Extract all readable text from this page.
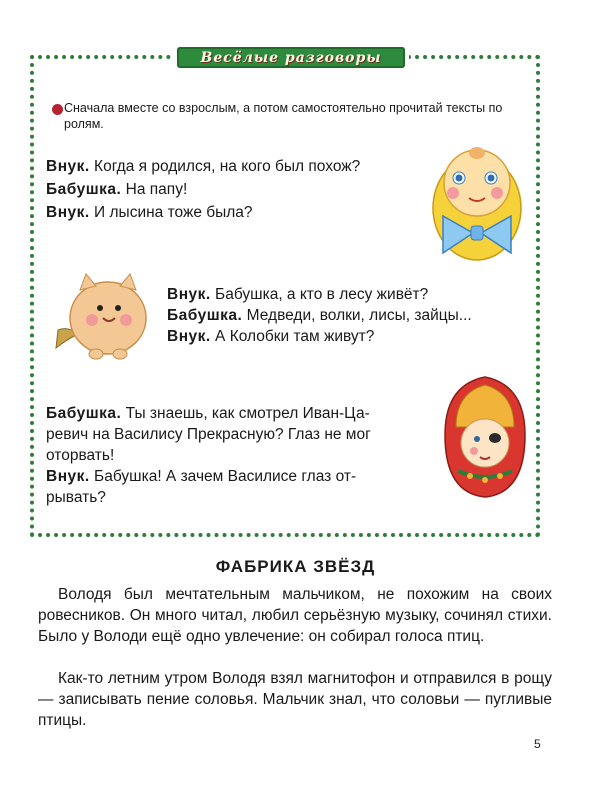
Весёлые разговоры
Сначала вместе со взрослым, а потом самостоятельно прочитай тексты по ролям.
Внук. Когда я родился, на кого был похож?
Бабушка. На папу!
Внук. И лысина тоже была?
Внук. Бабушка, а кто в лесу живёт?
Бабушка. Медведи, волки, лисы, зайцы...
Внук. А Колобки там живут?
Бабушка. Ты знаешь, как смотрел Иван-Ца-
ревич на Василису Прекрасную? Глаз не мог
оторвать!
Внук. Бабушка! А зачем Василисе глаз от-
рывать?
ФАБРИКА ЗВЁЗД
Володя был мечтательным мальчиком, не похожим на своих ровесников. Он много читал, любил серьёзную музыку, сочинял стихи. Было у Володи ещё одно увлечение: он собирал голоса птиц.
Как-то летним утром Володя взял магнитофон и отправился в рощу — записывать пение соловья. Мальчик знал, что соловьи — пугливые птицы.
5
